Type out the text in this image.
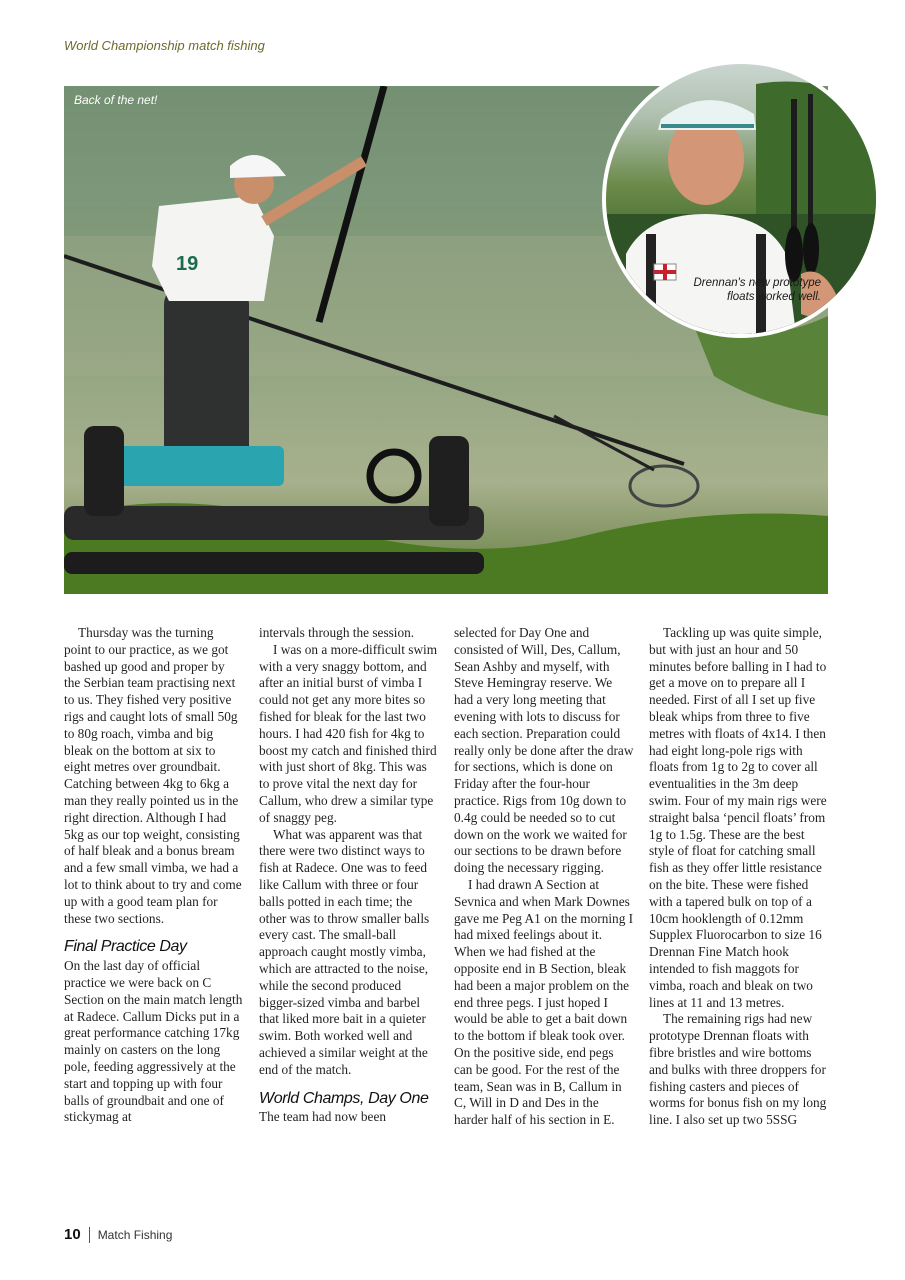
World Championship match fishing
19
Back of the net!
Drennan's new prototype floats worked well.

Thursday was the turning point to our practice, as we got bashed up good and proper by the Serbian team practising next to us. They fished very positive rigs and caught lots of small 50g to 80g roach, vimba and big bleak on the bottom at six to eight metres over groundbait. Catching between 4kg to 6kg a man they really pointed us in the right direction. Although I had 5kg as our top weight, consisting of half bleak and a bonus bream and a few small vimba, we had a lot to think about to try and come up with a good team plan for these two sections.

Final Practice Day

On the last day of official practice we were back on C Section on the main match length at Radece. Callum Dicks put in a great performance catching 17kg mainly on casters on the long pole, feeding aggressively at the start and topping up with four balls of groundbait and one of stickymag at

intervals through the session.

I was on a more-difficult swim with a very snaggy bottom, and after an initial burst of vimba I could not get any more bites so fished for bleak for the last two hours. I had 420 fish for 4kg to boost my catch and finished third with just short of 8kg. This was to prove vital the next day for Callum, who drew a similar type of snaggy peg.

What was apparent was that there were two distinct ways to fish at Radece. One was to feed like Callum with three or four balls potted in each time; the other was to throw smaller balls every cast. The small-ball approach caught mostly vimba, which are attracted to the noise, while the second produced bigger-sized vimba and barbel that liked more bait in a quieter swim. Both worked well and achieved a similar weight at the end of the match.

World Champs, Day One

The team had now been

selected for Day One and consisted of Will, Des, Callum, Sean Ashby and myself, with Steve Hemingray reserve. We had a very long meeting that evening with lots to discuss for each section. Preparation could really only be done after the draw for sections, which is done on Friday after the four-hour practice. Rigs from 10g down to 0.4g could be needed so to cut down on the work we waited for our sections to be drawn before doing the necessary rigging.

I had drawn A Section at Sevnica and when Mark Downes gave me Peg A1 on the morning I had mixed feelings about it. When we had fished at the opposite end in B Section, bleak had been a major problem on the end three pegs. I just hoped I would be able to get a bait down to the bottom if bleak took over. On the positive side, end pegs can be good. For the rest of the team, Sean was in B, Callum in C, Will in D and Des in the harder half of his section in E.

Tackling up was quite simple, but with just an hour and 50 minutes before balling in I had to get a move on to prepare all I needed. First of all I set up five bleak whips from three to five metres with floats of 4x14. I then had eight long-pole rigs with floats from 1g to 2g to cover all eventualities in the 3m deep swim. Four of my main rigs were straight balsa ‘pencil floats’ from 1g to 1.5g. These are the best style of float for catching small fish as they offer little resistance on the bite. These were fished with a tapered bulk on top of a 10cm hooklength of 0.12mm Supplex Fluorocarbon to size 16 Drennan Fine Match hook intended to fish maggots for vimba, roach and bleak on two lines at 11 and 13 metres.

The remaining rigs had new prototype Drennan floats with fibre bristles and wire bottoms and bulks with three droppers for fishing casters and pieces of worms for bonus fish on my long line. I also set up two 5SSG

10 Match Fishing
